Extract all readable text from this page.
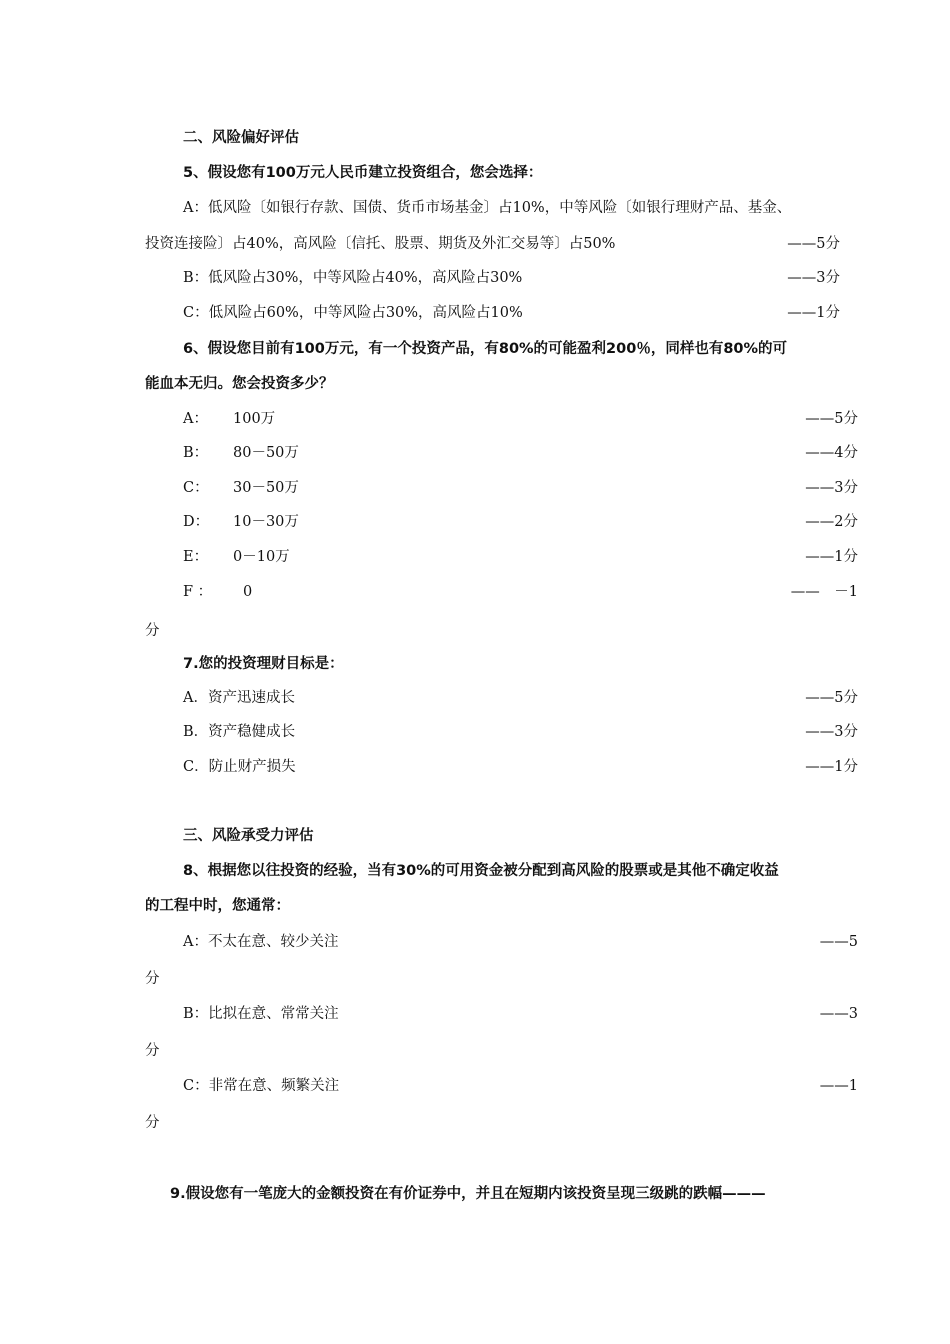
二、风险偏好评估
5、假设您有100万元人民币建立投资组合，您会选择：
A：低风险〔如银行存款、国债、货币市场基金〕占10%，中等风险〔如银行理财产品、基金、
投资连接险〕占40%，高风险〔信托、股票、期货及外汇交易等〕占50%	——5分
B：低风险占30%，中等风险占40%，高风险占30%	——3分
C：低风险占60%，中等风险占30%，高风险占10%	——1分
6、假设您目前有100万元，有一个投资产品，有80%的可能盈利200％，同样也有80%的可
能血本无归。您会投资多少？
A： 100万	——5分
B： 80－50万	——4分
C： 30－50万	——3分
D： 10－30万	——2分
E： 0－10万	——1分
F ： 0	——　－1
分
7.您的投资理财目标是：
A．资产迅速成长	——5分
B．资产稳健成长	——3分
C．防止财产损失	——1分
三、风险承受力评估
8、根据您以往投资的经验，当有30%的可用资金被分配到高风险的股票或是其他不确定收益
的工程中时，您通常：
A：不太在意、较少关注	——5
分
B：比拟在意、常常关注	——3
分
C：非常在意、频繁关注	——1
分
9.假设您有一笔庞大的金额投资在有价证券中，并且在短期内该投资呈现三级跳的跌幅———
